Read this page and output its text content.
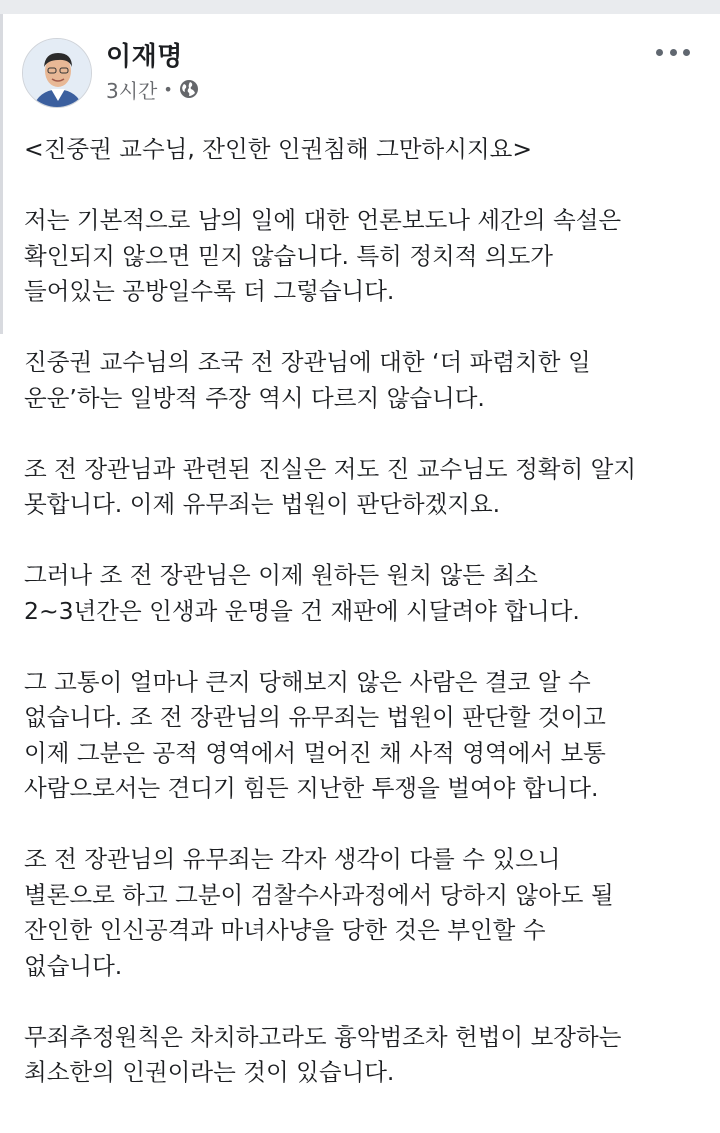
이재명
3시간 •

<진중권 교수님, 잔인한 인권침해 그만하시지요>

저는 기본적으로 남의 일에 대한 언론보도나 세간의 속설은
확인되지 않으면 믿지 않습니다. 특히 정치적 의도가
들어있는 공방일수록 더 그렇습니다.

진중권 교수님의 조국 전 장관님에 대한 ‘더 파렴치한 일
운운’하는 일방적 주장 역시 다르지 않습니다.

조 전 장관님과 관련된 진실은 저도 진 교수님도 정확히 알지
못합니다. 이제 유무죄는 법원이 판단하겠지요.

그러나 조 전 장관님은 이제 원하든 원치 않든 최소
2~3년간은 인생과 운명을 건 재판에 시달려야 합니다.

그 고통이 얼마나 큰지 당해보지 않은 사람은 결코 알 수
없습니다. 조 전 장관님의 유무죄는 법원이 판단할 것이고
이제 그분은 공적 영역에서 멀어진 채 사적 영역에서 보통
사람으로서는 견디기 힘든 지난한 투쟁을 벌여야 합니다.

조 전 장관님의 유무죄는 각자 생각이 다를 수 있으니
별론으로 하고 그분이 검찰수사과정에서 당하지 않아도 될
잔인한 인신공격과 마녀사냥을 당한 것은 부인할 수
없습니다.

무죄추정원칙은 차치하고라도 흉악범조차 헌법이 보장하는
최소한의 인권이라는 것이 있습니다.
